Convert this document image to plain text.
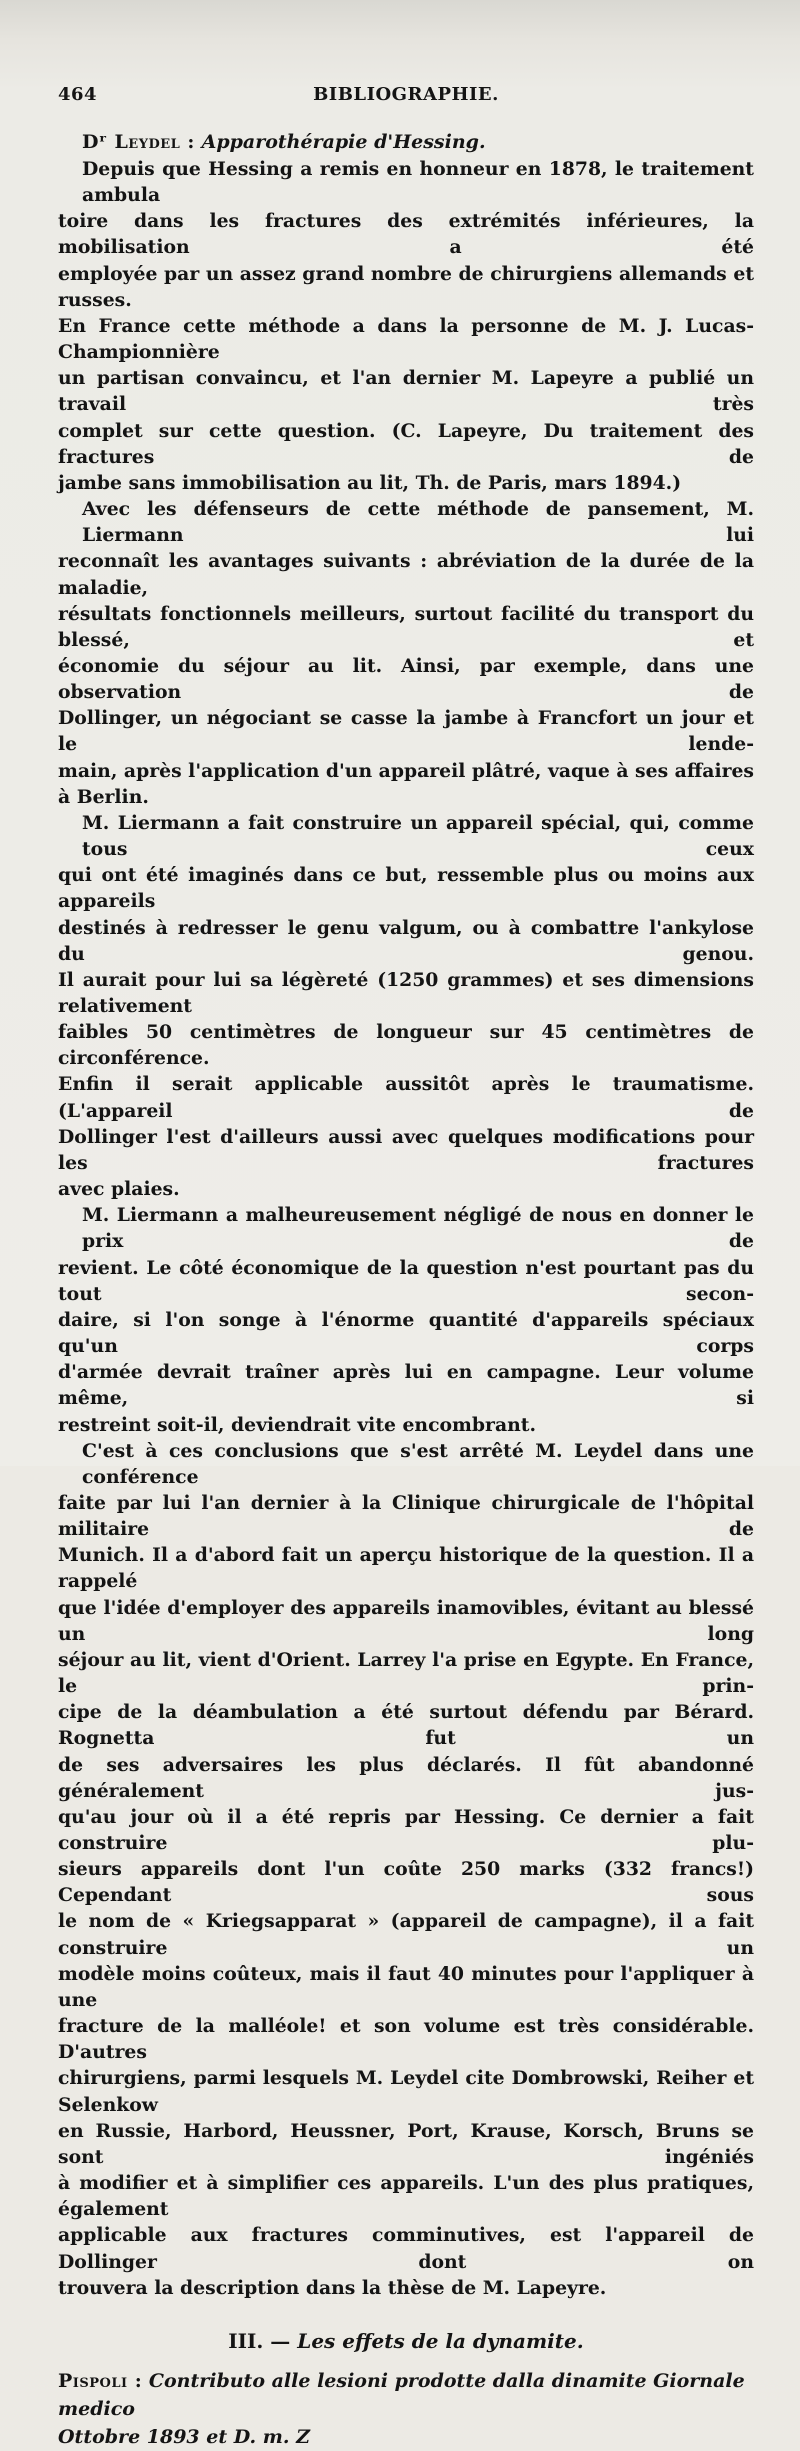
464	BIBLIOGRAPHIE.
Dʳ Leydel : Apparothérapie d'Hessing.

Depuis que Hessing a remis en honneur en 1878, le traitement ambula
toire dans les fractures des extrémités inférieures, la mobilisation a été
employée par un assez grand nombre de chirurgiens allemands et russes.
En France cette méthode a dans la personne de M. J. Lucas-Championnière
un partisan convaincu, et l'an dernier M. Lapeyre a publié un travail très
complet sur cette question. (C. Lapeyre, Du traitement des fractures de
jambe sans immobilisation au lit, Th. de Paris, mars 1894.)

Avec les défenseurs de cette méthode de pansement, M. Liermann lui
reconnaît les avantages suivants : abréviation de la durée de la maladie,
résultats fonctionnels meilleurs, surtout facilité du transport du blessé, et
économie du séjour au lit. Ainsi, par exemple, dans une observation de
Dollinger, un négociant se casse la jambe à Francfort un jour et le lende-
main, après l'application d'un appareil plâtré, vaque à ses affaires à Berlin.

M. Liermann a fait construire un appareil spécial, qui, comme tous ceux
qui ont été imaginés dans ce but, ressemble plus ou moins aux appareils
destinés à redresser le genu valgum, ou à combattre l'ankylose du genou.
Il aurait pour lui sa légèreté (1250 grammes) et ses dimensions relativement
faibles 50 centimètres de longueur sur 45 centimètres de circonférence.
Enfin il serait applicable aussitôt après le traumatisme. (L'appareil de
Dollinger l'est d'ailleurs aussi avec quelques modifications pour les fractures
avec plaies.

M. Liermann a malheureusement négligé de nous en donner le prix de
revient. Le côté économique de la question n'est pourtant pas du tout secon-
daire, si l'on songe à l'énorme quantité d'appareils spéciaux qu'un corps
d'armée devrait traîner après lui en campagne. Leur volume même, si
restreint soit-il, deviendrait vite encombrant.

C'est à ces conclusions que s'est arrêté M. Leydel dans une conférence
faite par lui l'an dernier à la Clinique chirurgicale de l'hôpital militaire de
Munich. Il a d'abord fait un aperçu historique de la question. Il a rappelé
que l'idée d'employer des appareils inamovibles, évitant au blessé un long
séjour au lit, vient d'Orient. Larrey l'a prise en Egypte. En France, le prin-
cipe de la déambulation a été surtout défendu par Bérard. Rognetta fut un
de ses adversaires les plus déclarés. Il fût abandonné généralement jus-
qu'au jour où il a été repris par Hessing. Ce dernier a fait construire plu-
sieurs appareils dont l'un coûte 250 marks (332 francs!) Cependant sous
le nom de « Kriegsapparat » (appareil de campagne), il a fait construire un
modèle moins coûteux, mais il faut 40 minutes pour l'appliquer à une
fracture de la malléole! et son volume est très considérable. D'autres
chirurgiens, parmi lesquels M. Leydel cite Dombrowski, Reiher et Selenkow
en Russie, Harbord, Heussner, Port, Krause, Korsch, Bruns se sont ingéniés
à modifier et à simplifier ces appareils. L'un des plus pratiques, également
applicable aux fractures comminutives, est l'appareil de Dollinger dont on
trouvera la description dans la thèse de M. Lapeyre.

III. — Les effets de la dynamite.
Pispoli : Contributo alle lesioni prodotte dalla dinamite Giornale medico
Ottobre 1893 et D. m. Z
